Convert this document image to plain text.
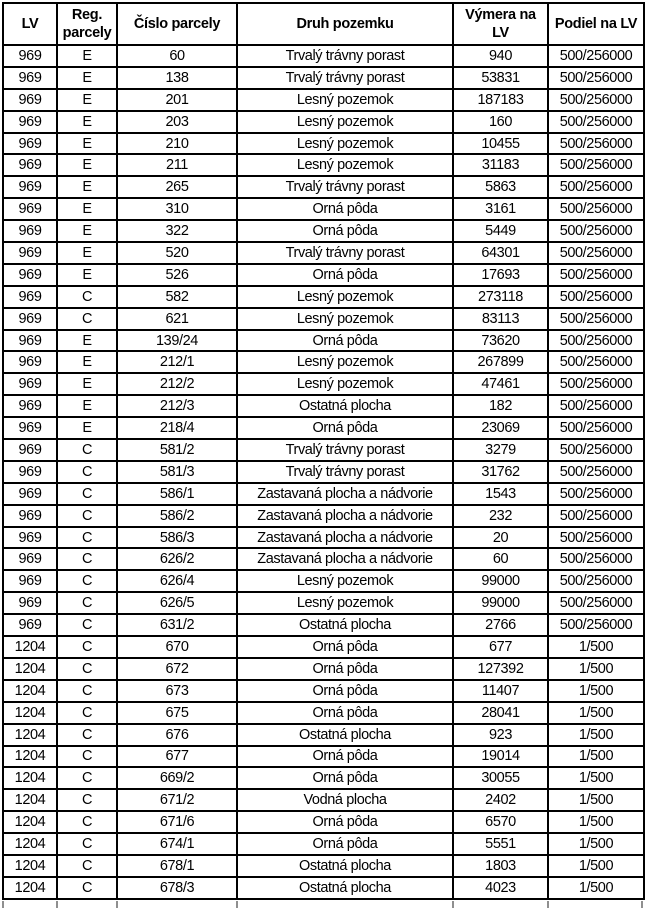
LV	Reg. parcely	Číslo parcely	Druh pozemku	Výmera na LV	Podiel na LV
969	E	60	Trvalý trávny porast	940	500/256000
969	E	138	Trvalý trávny porast	53831	500/256000
969	E	201	Lesný pozemok	187183	500/256000
969	E	203	Lesný pozemok	160	500/256000
969	E	210	Lesný pozemok	10455	500/256000
969	E	211	Lesný pozemok	31183	500/256000
969	E	265	Trvalý trávny porast	5863	500/256000
969	E	310	Orná pôda	3161	500/256000
969	E	322	Orná pôda	5449	500/256000
969	E	520	Trvalý trávny porast	64301	500/256000
969	E	526	Orná pôda	17693	500/256000
969	C	582	Lesný pozemok	273118	500/256000
969	C	621	Lesný pozemok	83113	500/256000
969	E	139/24	Orná pôda	73620	500/256000
969	E	212/1	Lesný pozemok	267899	500/256000
969	E	212/2	Lesný pozemok	47461	500/256000
969	E	212/3	Ostatná plocha	182	500/256000
969	E	218/4	Orná pôda	23069	500/256000
969	C	581/2	Trvalý trávny porast	3279	500/256000
969	C	581/3	Trvalý trávny porast	31762	500/256000
969	C	586/1	Zastavaná plocha a nádvorie	1543	500/256000
969	C	586/2	Zastavaná plocha a nádvorie	232	500/256000
969	C	586/3	Zastavaná plocha a nádvorie	20	500/256000
969	C	626/2	Zastavaná plocha a nádvorie	60	500/256000
969	C	626/4	Lesný pozemok	99000	500/256000
969	C	626/5	Lesný pozemok	99000	500/256000
969	C	631/2	Ostatná plocha	2766	500/256000
1204	C	670	Orná pôda	677	1/500
1204	C	672	Orná pôda	127392	1/500
1204	C	673	Orná pôda	11407	1/500
1204	C	675	Orná pôda	28041	1/500
1204	C	676	Ostatná plocha	923	1/500
1204	C	677	Orná pôda	19014	1/500
1204	C	669/2	Orná pôda	30055	1/500
1204	C	671/2	Vodná plocha	2402	1/500
1204	C	671/6	Orná pôda	6570	1/500
1204	C	674/1	Orná pôda	5551	1/500
1204	C	678/1	Ostatná plocha	1803	1/500
1204	C	678/3	Ostatná plocha	4023	1/500
